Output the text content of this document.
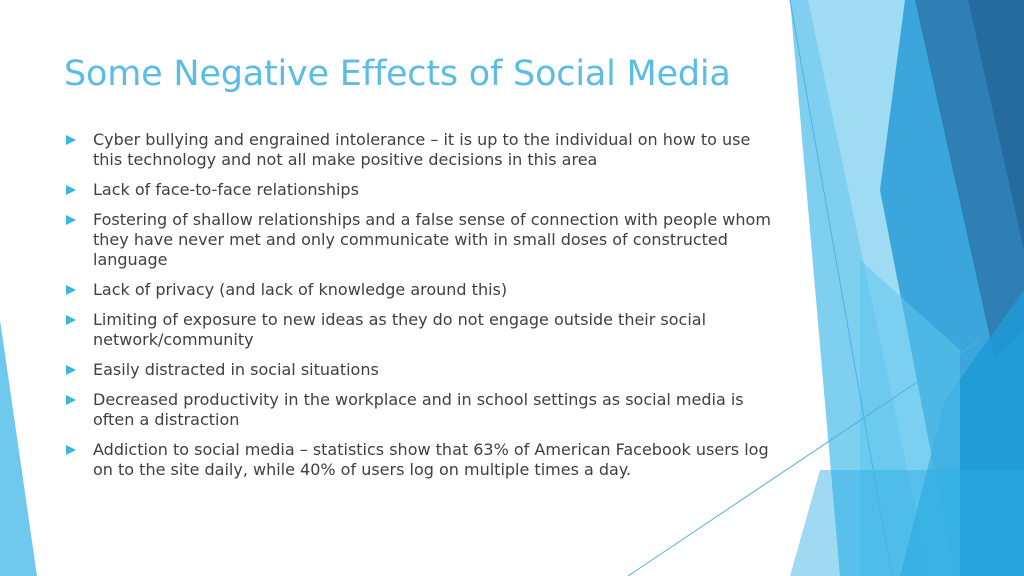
Some Negative Effects of Social Media
Cyber bullying and engrained intolerance – it is up to the individual on how to use this technology and not all make positive decisions in this area
Lack of face-to-face relationships
Fostering of shallow relationships and a false sense of connection with people whom they have never met and only communicate with in small doses of constructed language
Lack of privacy (and lack of knowledge around this)
Limiting of exposure to new ideas as they do not engage outside their social network/community
Easily distracted in social situations
Decreased productivity in the workplace and in school settings as social media is often a distraction
Addiction to social media – statistics show that 63% of American Facebook users log on to the site daily, while 40% of users log on multiple times a day.
